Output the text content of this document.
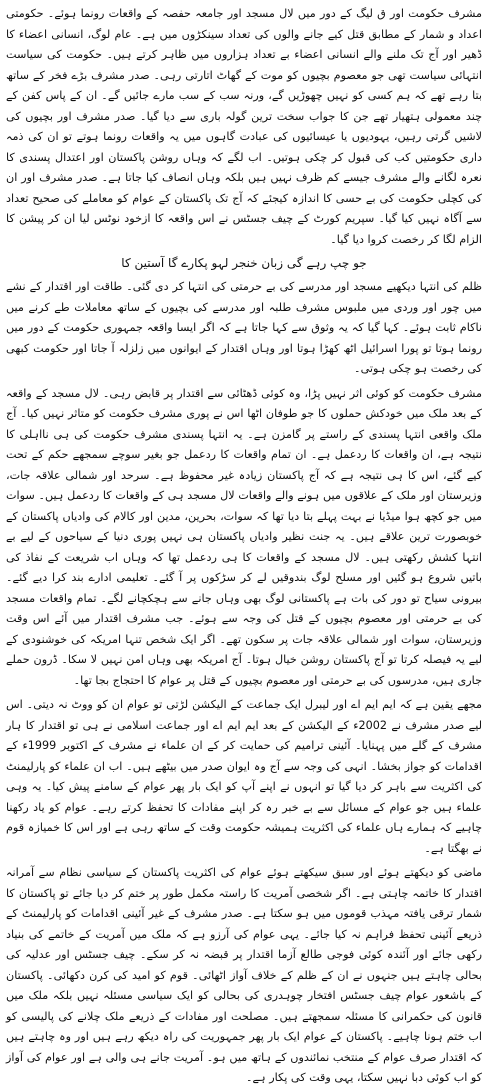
مشرف حکومت اور ق لیگ کے دور میں لال مسجد اور جامعہ حفصہ کے واقعات رونما ہوئے۔ حکومتی اعداد و شمار کے مطابق قتل کیے جانے والوں کی تعداد سینکڑوں میں ہے۔ عام لوگ، انسانی اعضاء کا ڈھیر اور آج تک ملنے والے انسانی اعضاء بے تعداد ہزاروں میں ظاہر کرتے ہیں۔ حکومت کی سیاست انتہائی سیاست تھی جو معصوم بچیوں کو موت کے گھاٹ اتارتی رہی۔ صدر مشرف بڑے فخر کے ساتھ بتا رہے تھے کہ ہم کسی کو نہیں چھوڑیں گے، ورنہ سب کے سب مارے جائیں گے۔ ان کے پاس کفن کے چند معمولی ہتھیار تھے جن کا جواب سخت ترین گولہ باری سے دیا گیا۔ صدر مشرف اور بچیوں کی لاشیں گرتی رہیں، یہودیوں یا عیسائیوں کی عبادت گاہوں میں یہ واقعات رونما ہوتے تو ان کی ذمہ داری حکومتیں کب کی قبول کر چکی ہوتیں۔ اب لگے کہ وہاں روشن پاکستان اور اعتدال پسندی کا نعرہ لگانے والے مشرف جیسے کم ظرف نہیں ہیں بلکہ وہاں انصاف کیا جاتا ہے۔ صدر مشرف اور ان کی کچلی حکومت کی بے حسی کا اندازہ کیجئے کہ آج تک پاکستان کے عوام کو معاملے کی صحیح تعداد سے آگاہ نہیں کیا گیا۔ سپریم کورٹ کے چیف جسٹس نے اس واقعہ کا ازخود نوٹس لیا ان کر پیشن کا الزام لگا کر رخصت کروا دیا گیا۔

جو چپ رہے گی زبان خنجر لہو پکارے گا آستین کا

ظلم کی انتہا دیکھیے مسجد اور مدرسے کی بے حرمتی کی انتہا کر دی گئی۔ طاقت اور اقتدار کے نشے میں چور اور وردی میں ملبوس مشرف طلبہ اور مدرسے کی بچیوں کے ساتھ معاملات طے کرنے میں ناکام ثابت ہوئے۔ کہا گیا کہ یہ وثوق سے کہا جاتا ہے کہ اگر ایسا واقعہ جمہوری حکومت کے دور میں رونما ہوتا تو پورا اسرائیل اٹھ کھڑا ہوتا اور وہاں اقتدار کے ایوانوں میں زلزلہ آ جاتا اور حکومت کبھی کی رخصت ہو چکی ہوتی۔

مشرف حکومت کو کوئی اثر نہیں پڑا، وہ کوئی ڈھٹائی سے اقتدار پر قابض رہی۔ لال مسجد کے واقعہ کے بعد ملک میں خودکش حملوں کا جو طوفان اٹھا اس نے پوری مشرف حکومت کو متاثر نہیں کیا۔ آج ملک واقعی انتہا پسندی کے راستے پر گامزن ہے۔ یہ انتہا پسندی مشرف حکومت کی ہی نااہلی کا نتیجہ ہے، ان واقعات کا ردعمل ہے۔ ان تمام واقعات کا ردعمل جو بغیر سوچے سمجھے حکم کے تحت کیے گئے، اس کا ہی نتیجہ ہے کہ آج پاکستان زیادہ غیر محفوظ ہے۔ سرحد اور شمالی علاقہ جات، وزیرستان اور ملک کے علاقوں میں ہونے والے واقعات لال مسجد ہی کے واقعات کا ردعمل ہیں۔ سوات میں جو کچھ ہوا میڈیا نے بہت پہلے بتا دیا تھا کہ سوات، بحرین، مدین اور کالام کی وادیاں پاکستان کے خوبصورت ترین علاقے ہیں۔ یہ جنت نظیر وادیاں پاکستان ہی نہیں پوری دنیا کے سیاحوں کے لیے بے انتہا کشش رکھتی ہیں۔ لال مسجد کے واقعات کا ہی ردعمل تھا کہ وہاں اب شریعت کے نفاذ کی باتیں شروع ہو گئیں اور مسلح لوگ بندوقیں لے کر سڑکوں پر آ گئے۔ تعلیمی ادارے بند کرا دیے گئے۔ بیرونی سیاح تو دور کی بات ہے پاکستانی لوگ بھی وہاں جانے سے ہچکچانے لگے۔ تمام واقعات مسجد کی بے حرمتی اور معصوم بچیوں کے قتل کی وجہ سے ہوئے۔ جب مشرف اقتدار میں آئے اس وقت وزیرستان، سوات اور شمالی علاقہ جات پر سکون تھے۔ اگر ایک شخص تنہا امریکہ کی خوشنودی کے لیے یہ فیصلہ کرتا تو آج پاکستان روشن خیال ہوتا۔ آج امریکہ بھی وہاں امن نہیں لا سکا۔ ڈرون حملے جاری ہیں، مدرسوں کی بے حرمتی اور معصوم بچیوں کے قتل پر عوام کا احتجاج بجا تھا۔

مجھے یقین ہے کہ ایم ایم اے اور لیبرل ایک جماعت کے الیکشن لڑتی تو عوام ان کو ووٹ نہ دیتی۔ اس لیے صدر مشرف نے 2002ء کے الیکشن کے بعد ایم ایم اے اور جماعت اسلامی نے ہی تو اقتدار کا ہار مشرف کے گلے میں پہنایا۔ آئینی ترامیم کی حمایت کر کے ان علماء نے مشرف کے اکتوبر 1999ء کے اقدامات کو جواز بخشا۔ انہی کی وجہ سے آج وہ ایوان صدر میں بیٹھے ہیں۔ اب ان علماء کو پارلیمنٹ کی اکثریت سے باہر کر دیا گیا تو انہوں نے اپنے آپ کو ایک بار پھر عوام کے سامنے پیش کیا۔ یہ وہی علماء ہیں جو عوام کے مسائل سے بے خبر رہ کر اپنے مفادات کا تحفظ کرتے رہے۔ عوام کو یاد رکھنا چاہیے کہ ہمارے ہاں علماء کی اکثریت ہمیشہ حکومت وقت کے ساتھ رہی ہے اور اس کا خمیازہ قوم نے بھگتا ہے۔

ماضی کو دیکھتے ہوئے اور سبق سیکھتے ہوئے عوام کی اکثریت پاکستان کے سیاسی نظام سے آمرانہ اقتدار کا خاتمہ چاہتی ہے۔ اگر شخصی آمریت کا راستہ مکمل طور پر ختم کر دیا جائے تو پاکستان کا شمار ترقی یافتہ مہذب قوموں میں ہو سکتا ہے۔ صدر مشرف کے غیر آئینی اقدامات کو پارلیمنٹ کے ذریعے آئینی تحفظ فراہم نہ کیا جائے۔ یہی عوام کی آرزو ہے کہ ملک میں آمریت کے خاتمے کی بنیاد رکھی جائے اور آئندہ کوئی فوجی طالع آزما اقتدار پر قبضہ نہ کر سکے۔ چیف جسٹس اور عدلیہ کی بحالی چاہتے ہیں جنہوں نے ان کے ظلم کے خلاف آواز اٹھائی۔ قوم کو امید کی کرن دکھائی۔ پاکستان کے باشعور عوام چیف جسٹس افتخار چوہدری کی بحالی کو ایک سیاسی مسئلہ نہیں بلکہ ملک میں قانون کی حکمرانی کا مسئلہ سمجھتے ہیں۔ مصلحت اور مفادات کے ذریعے ملک چلانے کی پالیسی کو اب ختم ہونا چاہیے۔ پاکستان کے عوام ایک بار پھر جمہوریت کی راہ دیکھ رہے ہیں اور وہ چاہتے ہیں کہ اقتدار صرف عوام کے منتخب نمائندوں کے ہاتھ میں ہو۔ آمریت جانے ہی والی ہے اور عوام کی آواز کو اب کوئی دبا نہیں سکتا، یہی وقت کی پکار ہے۔
